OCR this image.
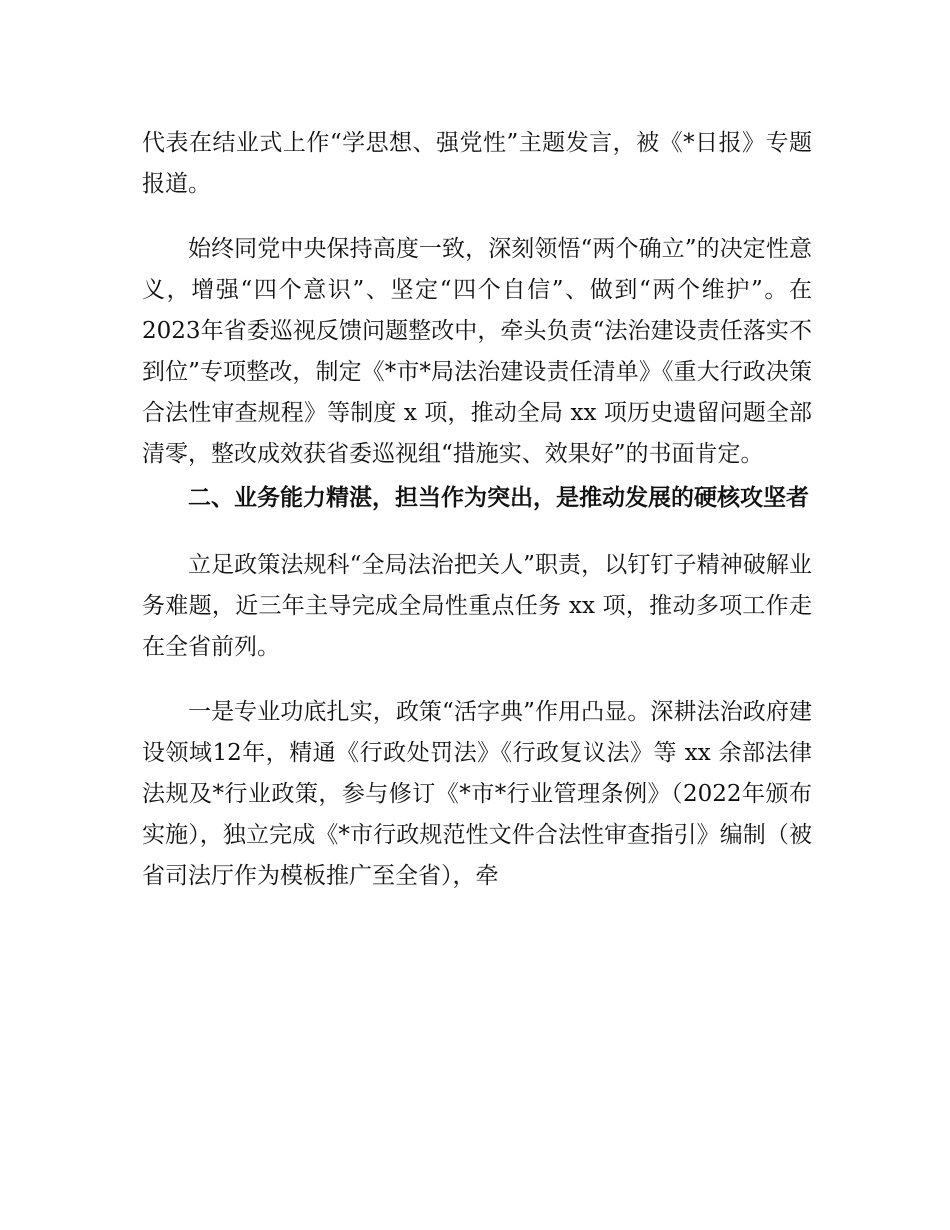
代表在结业式上作“学思想、强党性”主题发言，被《*日报》专题报道。

始终同党中央保持高度一致，深刻领悟“两个确立”的决定性意义，增强“四个意识”、坚定“四个自信”、做到“两个维护”。在2023年省委巡视反馈问题整改中，牵头负责“法治建设责任落实不到位”专项整改，制定《*市*局法治建设责任清单》《重大行政决策合法性审查规程》等制度 x 项，推动全局 xx 项历史遗留问题全部清零，整改成效获省委巡视组“措施实、效果好”的书面肯定。

二、业务能力精湛，担当作为突出，是推动发展的硬核攻坚者

立足政策法规科“全局法治把关人”职责，以钉钉子精神破解业务难题，近三年主导完成全局性重点任务 xx 项，推动多项工作走在全省前列。

一是专业功底扎实，政策“活字典”作用凸显。深耕法治政府建设领域12年，精通《行政处罚法》《行政复议法》等 xx 余部法律法规及*行业政策，参与修订《*市*行业管理条例》（2022年颁布实施），独立完成《*市行政规范性文件合法性审查指引》编制（被省司法厅作为模板推广至全省），牵
